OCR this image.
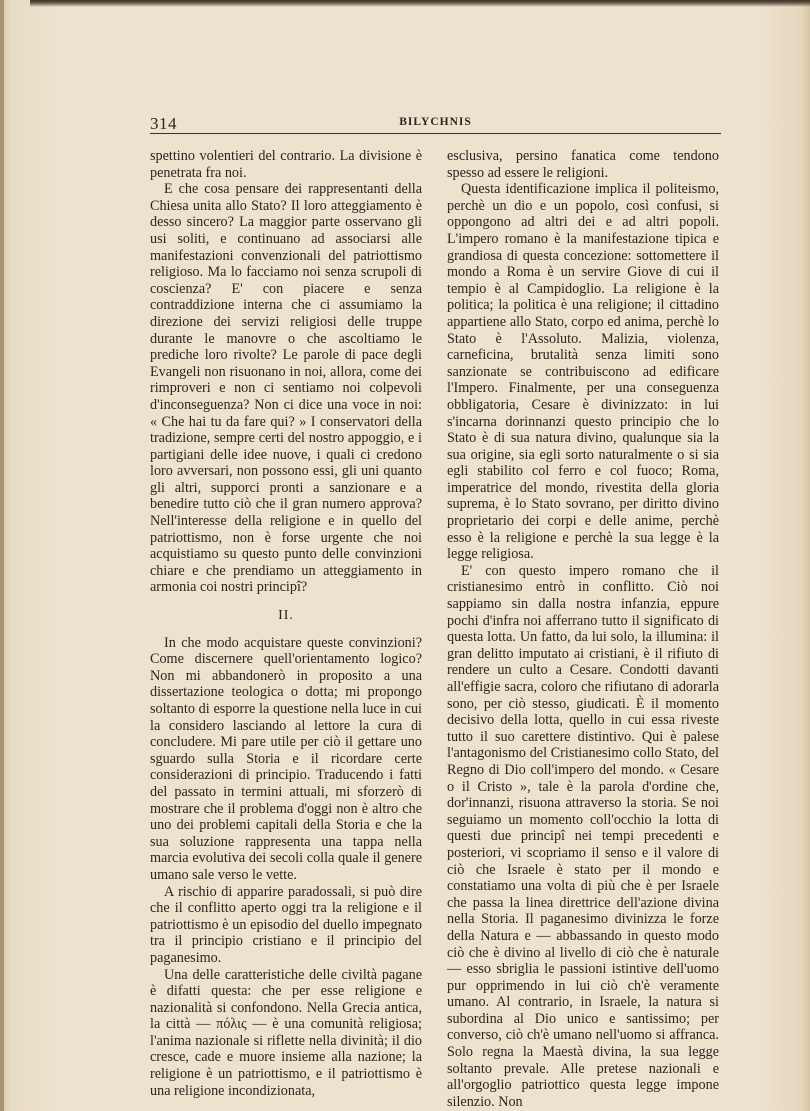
314	BILYCHNIS

spettino volentieri del contrario. La divisione è penetrata fra noi.

E che cosa pensare dei rappresentanti della Chiesa unita allo Stato? Il loro atteggiamento è desso sincero? La maggior parte osservano gli usi soliti, e continuano ad associarsi alle manifestazioni convenzionali del patriottismo religioso. Ma lo facciamo noi senza scrupoli di coscienza? E' con piacere e senza contraddizione interna che ci assumiamo la direzione dei servizi religiosi delle truppe durante le manovre o che ascoltiamo le prediche loro rivolte? Le parole di pace degli Evangeli non risuonano in noi, allora, come dei rimproveri e non ci sentiamo noi colpevoli d'inconseguenza? Non ci dice una voce in noi: « Che hai tu da fare qui? » I conservatori della tradizione, sempre certi del nostro appoggio, e i partigiani delle idee nuove, i quali ci credono loro avversari, non possono essi, gli uni quanto gli altri, supporci pronti a sanzionare e a benedire tutto ciò che il gran numero approva? Nell'interesse della religione e in quello del patriottismo, non è forse urgente che noi acquistiamo su questo punto delle convinzioni chiare e che prendiamo un atteggiamento in armonia coi nostri principî?

II.

In che modo acquistare queste convinzioni? Come discernere quell'orientamento logico? Non mi abbandonerò in proposito a una dissertazione teologica o dotta; mi propongo soltanto di esporre la questione nella luce in cui la considero lasciando al lettore la cura di concludere. Mi pare utile per ciò il gettare uno sguardo sulla Storia e il ricordare certe considerazioni di principio. Traducendo i fatti del passato in termini attuali, mi sforzerò di mostrare che il problema d'oggi non è altro che uno dei problemi capitali della Storia e che la sua soluzione rappresenta una tappa nella marcia evolutiva dei secoli colla quale il genere umano sale verso le vette.

A rischio di apparire paradossali, si può dire che il conflitto aperto oggi tra la religione e il patriottismo è un episodio del duello impegnato tra il principio cristiano e il principio del paganesimo.

Una delle caratteristiche delle civiltà pagane è difatti questa: che per esse religione e nazionalità si confondono. Nella Grecia antica, la città — πόλις — è una comunità religiosa; l'anima nazionale si riflette nella divinità; il dio cresce, cade e muore insieme alla nazione; la religione è un patriottismo, e il patriottismo è una religione incondizionata,

esclusiva, persino fanatica come tendono spesso ad essere le religioni.

Questa identificazione implica il politeismo, perchè un dio e un popolo, così confusi, si oppongono ad altri dei e ad altri popoli. L'impero romano è la manifestazione tipica e grandiosa di questa concezione: sottomettere il mondo a Roma è un servire Giove di cui il tempio è al Campidoglio. La religione è la politica; la politica è una religione; il cittadino appartiene allo Stato, corpo ed anima, perchè lo Stato è l'Assoluto. Malizia, violenza, carneficina, brutalità senza limiti sono sanzionate se contribuiscono ad edificare l'Impero. Finalmente, per una conseguenza obbligatoria, Cesare è divinizzato: in lui s'incarna dorinnanzi questo principio che lo Stato è di sua natura divino, qualunque sia la sua origine, sia egli sorto naturalmente o si sia egli stabilito col ferro e col fuoco; Roma, imperatrice del mondo, rivestita della gloria suprema, è lo Stato sovrano, per diritto divino proprietario dei corpi e delle anime, perchè esso è la religione e perchè la sua legge è la legge religiosa.

E' con questo impero romano che il cristianesimo entrò in conflitto. Ciò noi sappiamo sin dalla nostra infanzia, eppure pochi d'infra noi afferrano tutto il significato di questa lotta. Un fatto, da lui solo, la illumina: il gran delitto imputato ai cristiani, è il rifiuto di rendere un culto a Cesare. Condotti davanti all'effigie sacra, coloro che rifiutano di adorarla sono, per ciò stesso, giudicati. È il momento decisivo della lotta, quello in cui essa riveste tutto il suo carettere distintivo. Qui è palese l'antagonismo del Cristianesimo collo Stato, del Regno di Dio coll'impero del mondo. « Cesare o il Cristo », tale è la parola d'ordine che, dor'innanzi, risuona attraverso la storia. Se noi seguiamo un momento coll'occhio la lotta di questi due principî nei tempi precedenti e posteriori, vi scopriamo il senso e il valore di ciò che Israele è stato per il mondo e constatiamo una volta di più che è per Israele che passa la linea direttrice dell'azione divina nella Storia. Il paganesimo divinizza le forze della Natura e — abbassando in questo modo ciò che è divino al livello di ciò che è naturale — esso sbriglia le passioni istintive dell'uomo pur opprimendo in lui ciò ch'è veramente umano. Al contrario, in Israele, la natura si subordina al Dio unico e santissimo; per converso, ciò ch'è umano nell'uomo si affranca. Solo regna la Maestà divina, la sua legge soltanto prevale. Alle pretese nazionali e all'orgoglio patriottico questa legge impone silenzio. Non
